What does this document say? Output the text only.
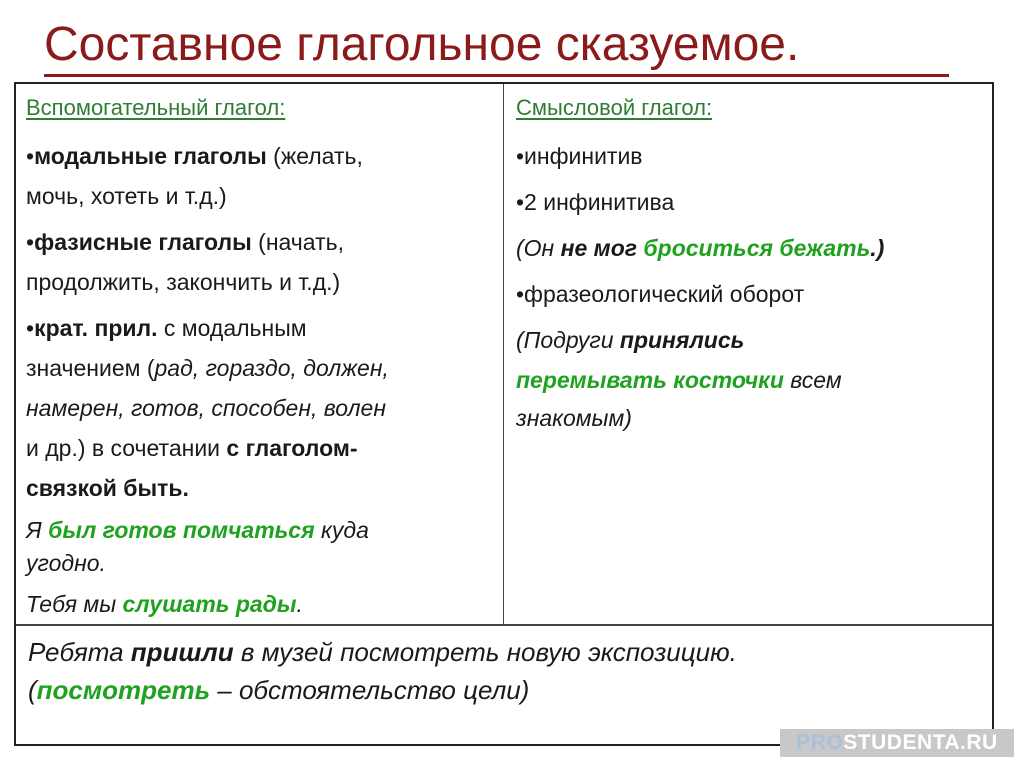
Составное глагольное сказуемое.
Вспомогательный глагол:
•модальные глаголы (желать,
мочь, хотеть и т.д.)
•фазисные глаголы (начать,
продолжить, закончить и т.д.)
•крат. прил. с модальным
значением (рад, гораздо, должен,
намерен, готов, способен, волен
и др.) в сочетании с глаголом-
связкой быть.
Я был готов помчаться куда
угодно.
Тебя мы слушать рады.
Смысловой глагол:
•инфинитив
•2 инфинитива
(Он не мог броситься бежать.)
•фразеологический оборот
(Подруги принялись
перемывать косточки всем
знакомым)
Ребята пришли в музей посмотреть новую экспозицию.
(посмотреть – обстоятельство цели)
PROSTUDENTA.RU
